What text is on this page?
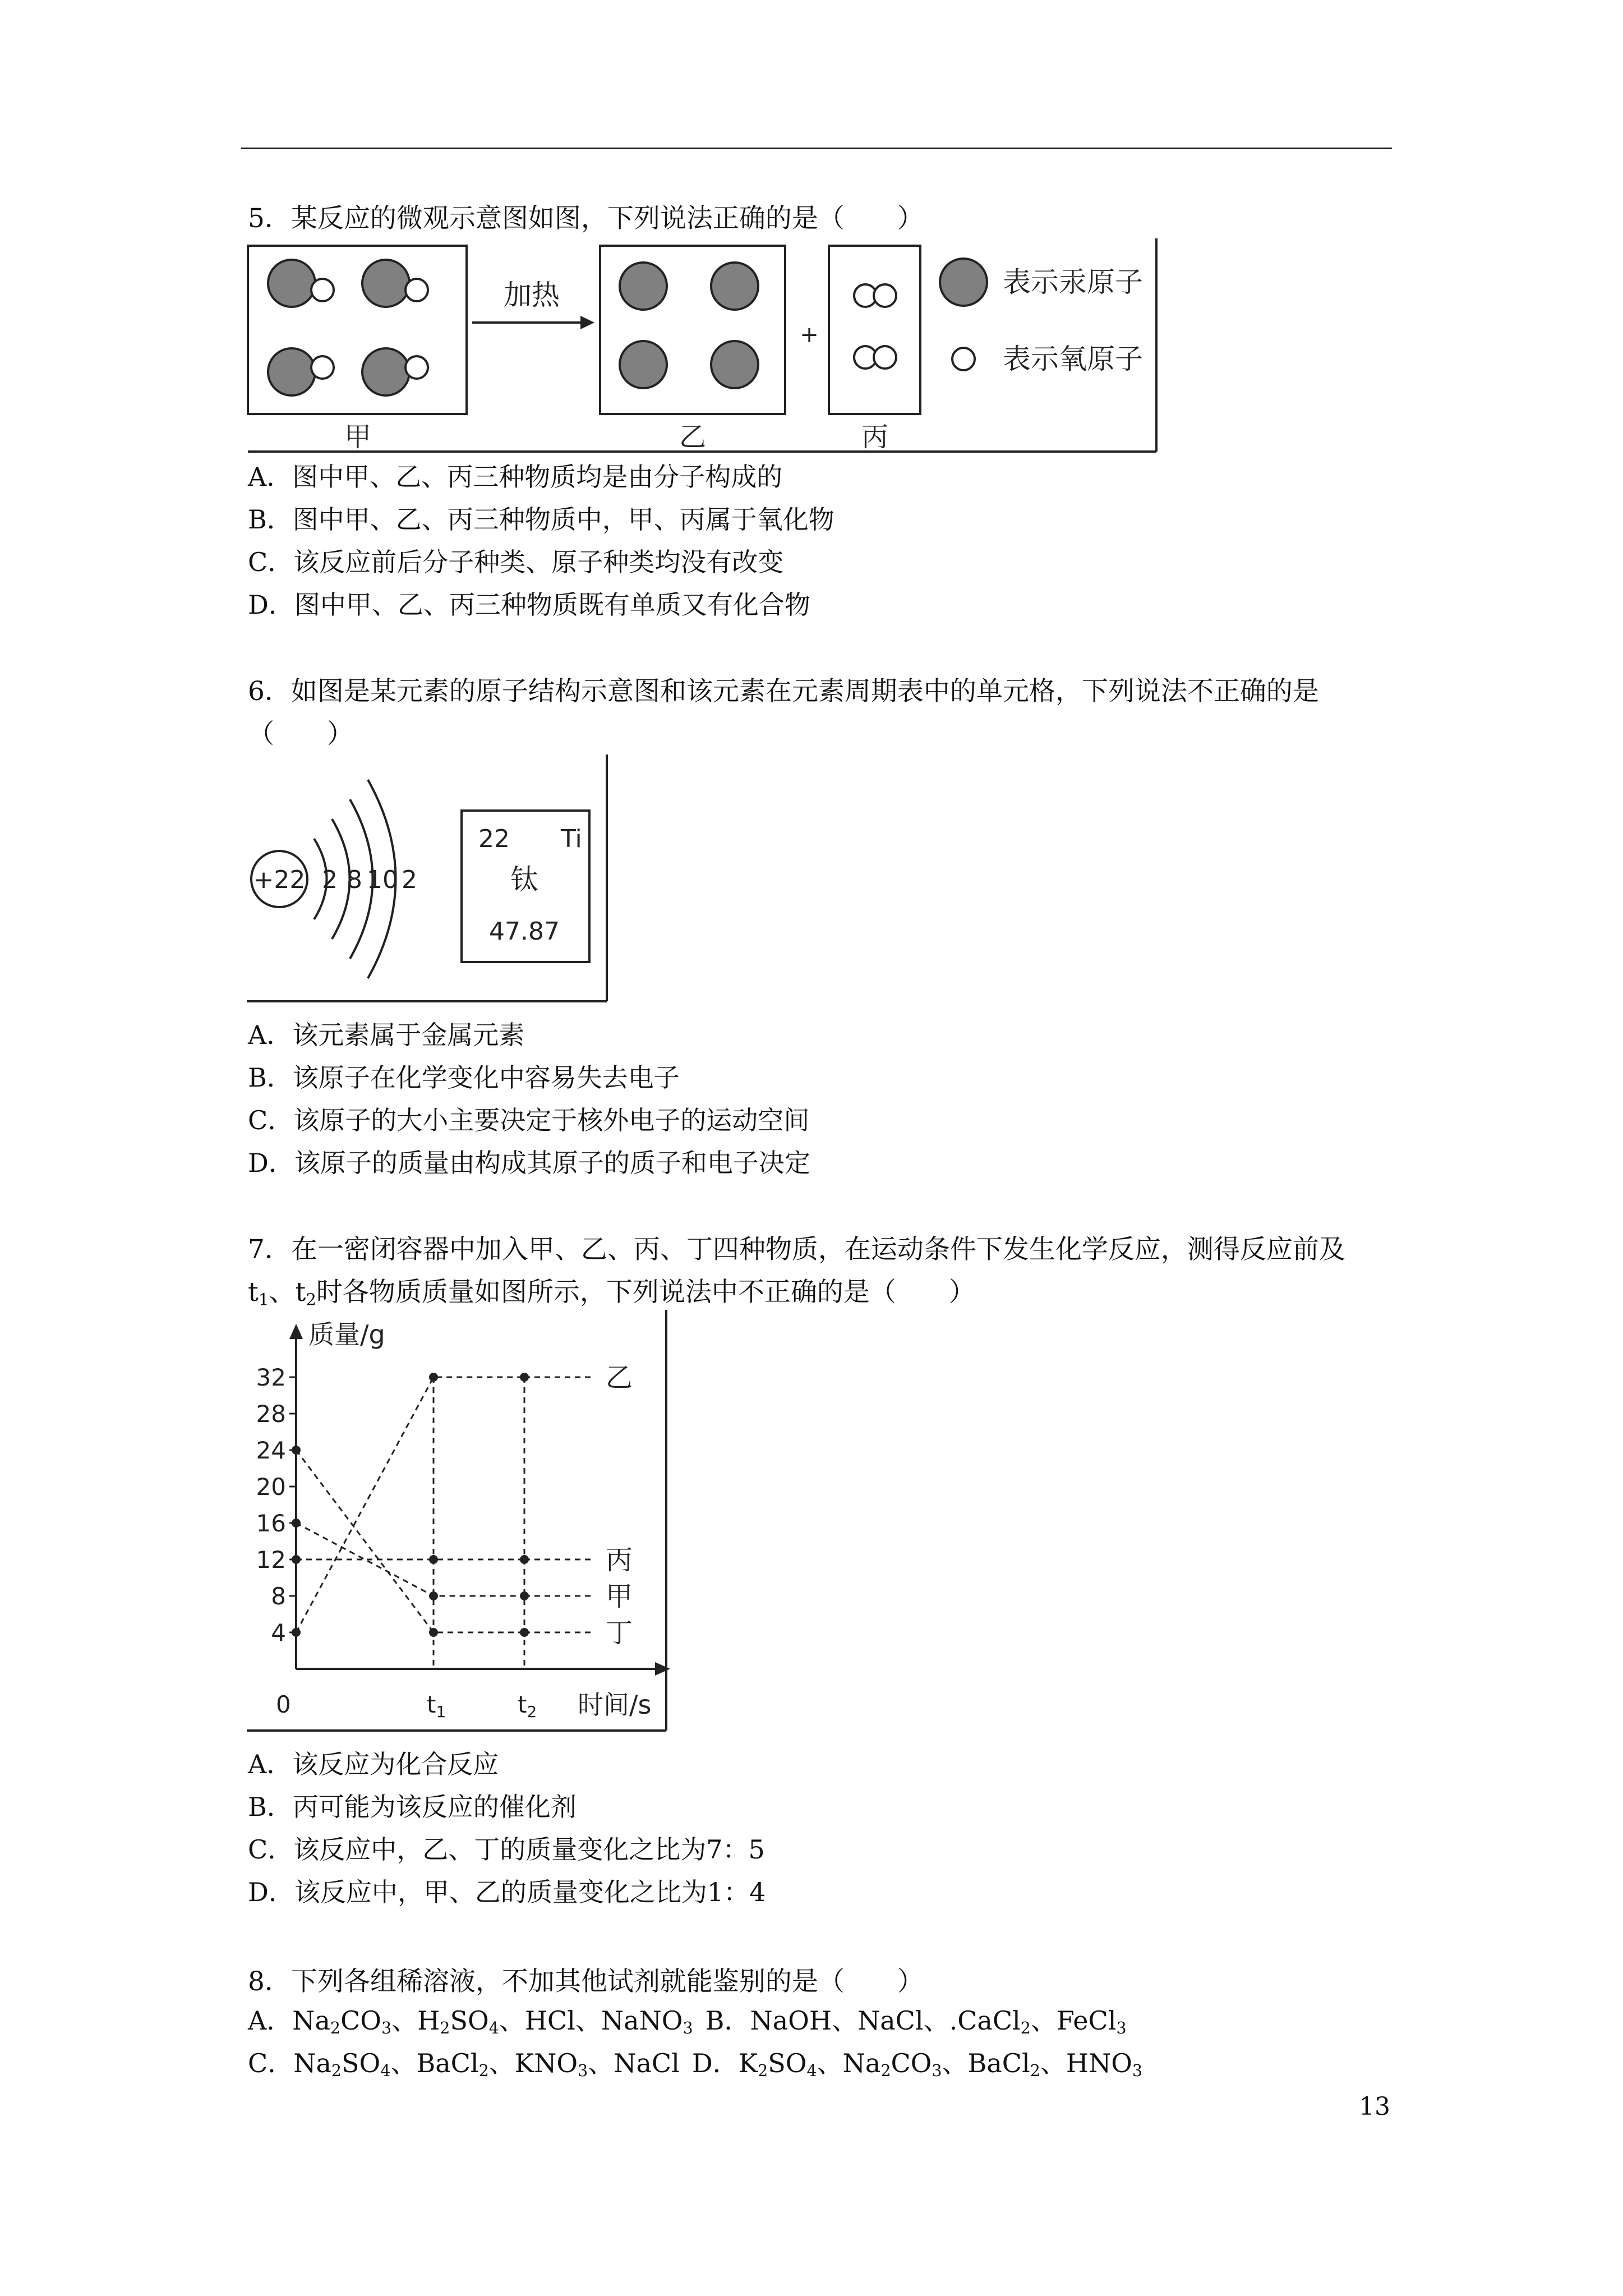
5．某反应的微观示意图如图，下列说法正确的是（　　）

加热
+
表示汞原子
表示氧原子
甲	乙	丙
A．图中甲、乙、丙三种物质均是由分子构成的
B．图中甲、乙、丙三种物质中，甲、丙属于氧化物
C．该反应前后分子种类、原子种类均没有改变
D．图中甲、乙、丙三种物质既有单质又有化合物

6．如图是某元素的原子结构示意图和该元素在元素周期表中的单元格，下列说法不正确的是（　　）

+22 2 8 10 2
22 Ti
钛
47.87
A．该元素属于金属元素
B．该原子在化学变化中容易失去电子
C．该原子的大小主要决定于核外电子的运动空间
D．该原子的质量由构成其原子的质子和电子决定

7．在一密闭容器中加入甲、乙、丙、丁四种物质，在运动条件下发生化学反应，测得反应前及 $t_1$、$t_2$时各物质质量如图所示，下列说法中不正确的是（　　）

质量/g
时间/s
0
4
8
12
16
20
24
28
32
t1	t2
乙
丙
甲
丁
A．该反应为化合反应
B．丙可能为该反应的催化剂
C．该反应中，乙、丁的质量变化之比为7：5
D．该反应中，甲、乙的质量变化之比为1：4

8．下列各组稀溶液，不加其他试剂就能鉴别的是（　　）

A．$Na_2CO_3$、$H_2SO_4$、HCl、NaNO$_3$ B．NaOH、NaCl、.CaCl$_2$、FeCl$_3$
C．$Na_2SO_4$、BaCl$_2$、$KNO_3$、NaCl D．$K_2SO_4$、$Na_2CO_3$、BaCl$_2$、$HNO_3$
13
